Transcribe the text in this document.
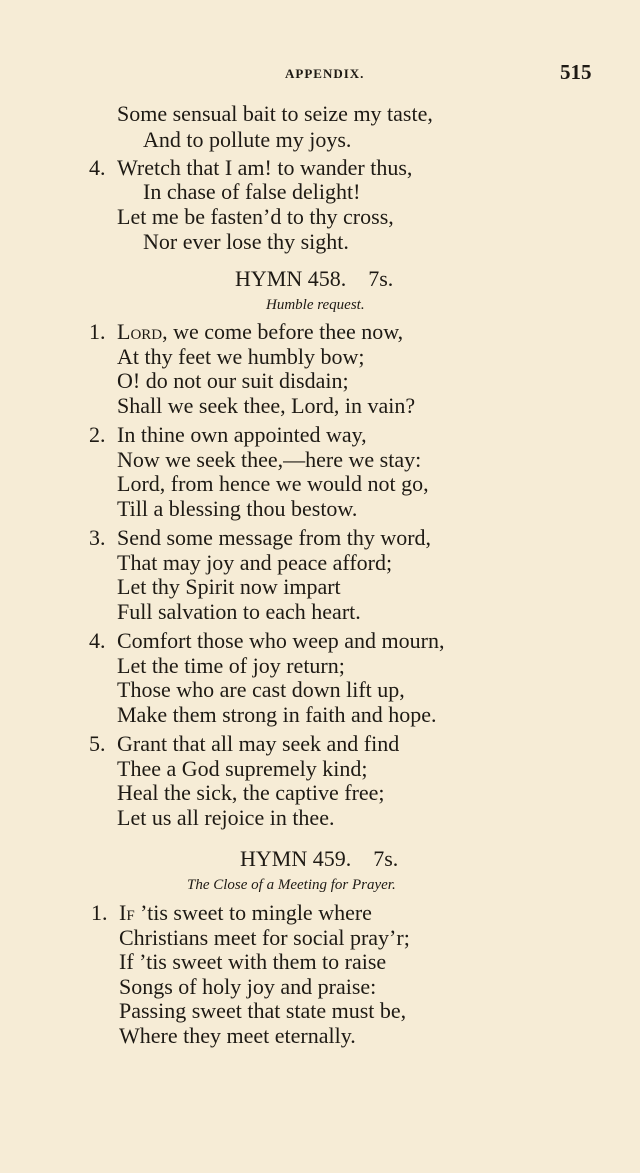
APPENDIX.	515
Some sensual bait to seize my taste,
And to pollute my joys.
4. Wretch that I am! to wander thus,
In chase of false delight!
Let me be fasten’d to thy cross,
Nor ever lose thy sight.
HYMN 458. 7s.
Humble request.
1. Lord, we come before thee now,
At thy feet we humbly bow;
O! do not our suit disdain;
Shall we seek thee, Lord, in vain?
2. In thine own appointed way,
Now we seek thee,—here we stay:
Lord, from hence we would not go,
Till a blessing thou bestow.
3. Send some message from thy word,
That may joy and peace afford;
Let thy Spirit now impart
Full salvation to each heart.
4. Comfort those who weep and mourn,
Let the time of joy return;
Those who are cast down lift up,
Make them strong in faith and hope.
5. Grant that all may seek and find
Thee a God supremely kind;
Heal the sick, the captive free;
Let us all rejoice in thee.
HYMN 459. 7s.
The Close of a Meeting for Prayer.
1. If ’tis sweet to mingle where
Christians meet for social pray’r;
If ’tis sweet with them to raise
Songs of holy joy and praise:
Passing sweet that state must be,
Where they meet eternally.
